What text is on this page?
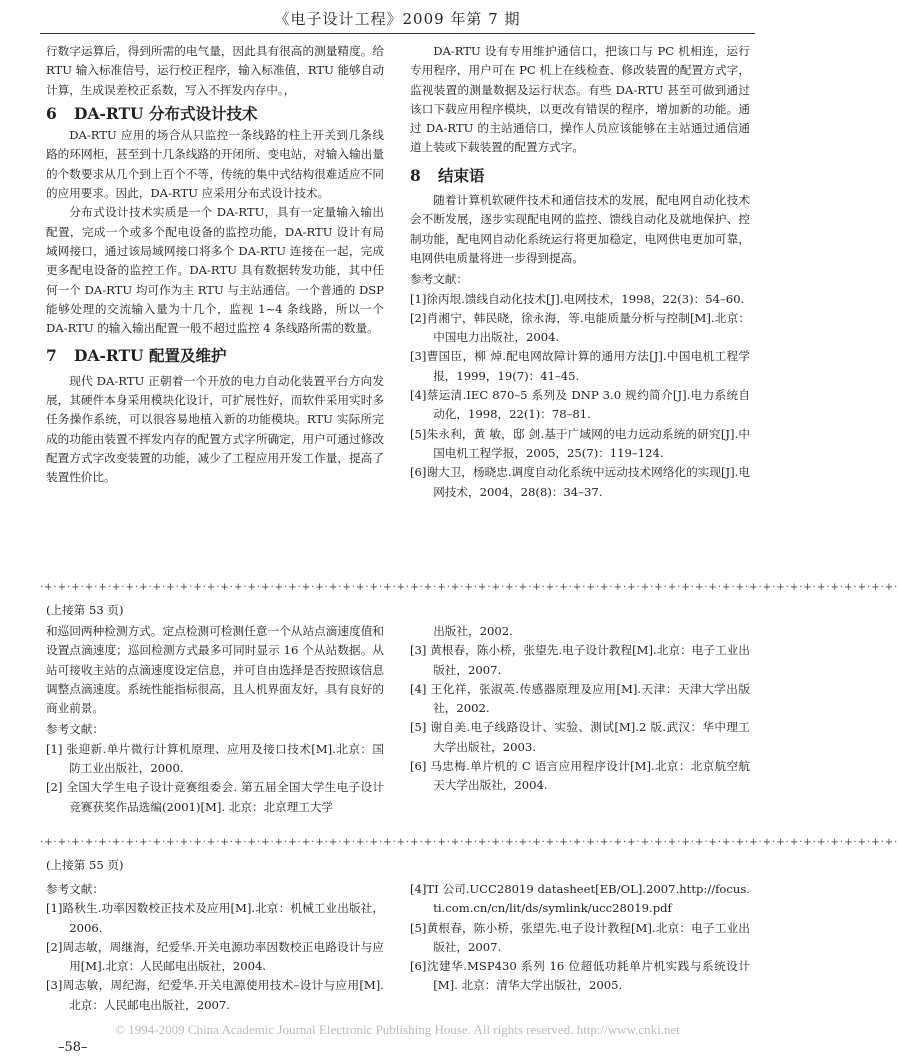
《电子设计工程》2009 年第 7 期

行数字运算后，得到所需的电气量，因此具有很高的测量精度。给 RTU 输入标准信号，运行校正程序，输入标准值，RTU 能够自动计算，生成误差校正系数，写入不挥发内存中。，

6	DA-RTU 分布式设计技术

DA-RTU 应用的场合从只监控一条线路的柱上开关到几条线路的环网柜，甚至到十几条线路的开闭所、变电站，对输入输出量的个数要求从几个到上百个不等，传统的集中式结构很难适应不同的应用要求。因此，DA-RTU 应采用分布式设计技术。

分布式设计技术实质是一个 DA-RTU，具有一定量输入输出配置，完成一个或多个配电设备的监控功能，DA-RTU 设计有局域网接口，通过该局域网接口将多个 DA-RTU 连接在一起，完成更多配电设备的监控工作。DA-RTU 具有数据转发功能，其中任何一个 DA-RTU 均可作为主 RTU 与主站通信。一个普通的 DSP 能够处理的交流输入量为十几个，监视 1~4 条线路，所以一个 DA-RTU 的输入输出配置一般不超过监控 4 条线路所需的数量。

7	DA-RTU 配置及维护

现代 DA-RTU 正朝着一个开放的电力自动化装置平台方向发展，其硬件本身采用模块化设计，可扩展性好，而软件采用实时多任务操作系统，可以很容易地植入新的功能模块。RTU 实际所完成的功能由装置不挥发内存的配置方式字所确定，用户可通过修改配置方式字改变装置的功能，减少了工程应用开发工作量，提高了装置性价比。

DA-RTU 设有专用维护通信口，把该口与 PC 机相连，运行专用程序，用户可在 PC 机上在线检查、修改装置的配置方式字，监视装置的测量数据及运行状态。有些 DA-RTU 甚至可做到通过该口下载应用程序模块，以更改有错误的程序，增加新的功能。通过 DA-RTU 的主站通信口，操作人员应该能够在主站通过通信通道上装或下载装置的配置方式字。

8	结束语

随着计算机软硬件技术和通信技术的发展，配电网自动化技术会不断发展，逐步实现配电网的监控、馈线自动化及就地保护、控制功能，配电网自动化系统运行将更加稳定，电网供电更加可靠，电网供电质量将进一步得到提高。

参考文献：

[1]徐丙垠.馈线自动化技术[J].电网技术，1998，22(3)：54–60.

[2]肖湘宁，韩民晓，徐永海，等.电能质量分析与控制[M].北京：中国电力出版社，2004.

[3]曹国臣，柳 焯.配电网故障计算的通用方法[J].中国电机工程学报，1999，19(7)：41–45.

[4]蔡运清.IEC 870–5 系列及 DNP 3.0 规约简介[J].电力系统自动化，1998，22(1)：78–81.

[5]朱永利，黄 敏，邸 剑.基于广域网的电力远动系统的研究[J].中国电机工程学报，2005，25(7)：119–124.

[6]谢大卫，杨晓忠.调度自动化系统中远动技术网络化的实现[J].电网技术，2004，28(8)：34–37.

·+·+·+·+·+·+·+·+·+·+·+·+·+·+·+·+·+·+·+·+·+·+·+·+·+·+·+·+·+·+·+·+·+·+·+·+·+·+·+·+·+·+·+·+·+·+·+·+·+·+·+·+·+·+·+·+·+·+·+·+·+·+·+·
(上接第 53 页)

和巡回两种检测方式。定点检测可检测任意一个从站点滴速度值和设置点滴速度；巡回检测方式最多可同时显示 16 个从站数据。从站可接收主站的点滴速度设定信息，并可自由选择是否按照该信息调整点滴速度。系统性能指标很高，且人机界面友好，具有良好的商业前景。

参考文献：

[1] 张迎新.单片微行计算机原理、应用及接口技术[M].北京：国防工业出版社，2000.

[2] 全国大学生电子设计竞赛组委会. 第五届全国大学生电子设计竞赛获奖作品选编(2001)[M]. 北京：北京理工大学

出版社，2002.

[3] 黄根春，陈小桥，张望先.电子设计教程[M].北京：电子工业出版社，2007.

[4] 王化祥，张淑英.传感器原理及应用[M].天津：天津大学出版社，2002.

[5] 谢自美.电子线路设计、实验、测试[M].2 版.武汉：华中理工大学出版社，2003.

[6] 马忠梅.单片机的 C 语言应用程序设计[M].北京：北京航空航天大学出版社，2004.

·+·+·+·+·+·+·+·+·+·+·+·+·+·+·+·+·+·+·+·+·+·+·+·+·+·+·+·+·+·+·+·+·+·+·+·+·+·+·+·+·+·+·+·+·+·+·+·+·+·+·+·+·+·+·+·+·+·+·+·+·+·+·+·
(上接第 55 页)

参考文献：

[1]路秋生.功率因数校正技术及应用[M].北京：机械工业出版社，2006.

[2]周志敏，周继海，纪爱华.开关电源功率因数校正电路设计与应用[M].北京：人民邮电出版社，2004.

[3]周志敏，周纪海，纪爱华.开关电源使用技术–设计与应用[M].北京：人民邮电出版社，2007.

[4]TI 公司.UCC28019 datasheet[EB/OL].2007.http://focus.ti.com.cn/cn/lit/ds/symlink/ucc28019.pdf

[5]黄根春，陈小桥，张望先.电子设计教程[M].北京：电子工业出版社，2007.

[6]沈建华.MSP430 系列 16 位超低功耗单片机实践与系统设计[M]. 北京：清华大学出版社，2005.

© 1994-2009 China Academic Journal Electronic Publishing House. All rights reserved. http://www.cnki.net
–58–
